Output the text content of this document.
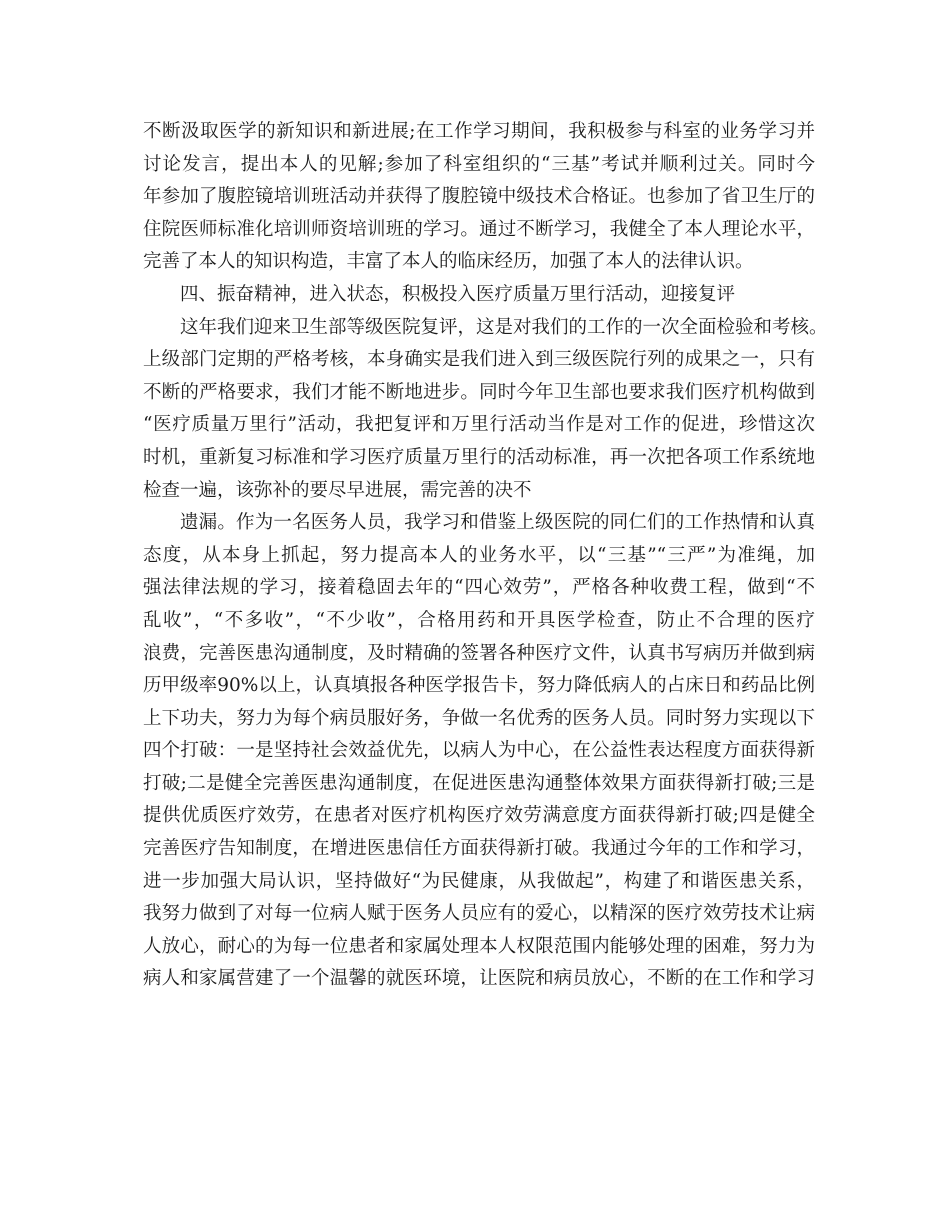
不断汲取医学的新知识和新进展;在工作学习期间，我积极参与科室的业务学习并
讨论发言，提出本人的见解;参加了科室组织的“三基”考试并顺利过关。同时今
年参加了腹腔镜培训班活动并获得了腹腔镜中级技术合格证。也参加了省卫生厅的
住院医师标准化培训师资培训班的学习。通过不断学习，我健全了本人理论水平，
完善了本人的知识构造，丰富了本人的临床经历，加强了本人的法律认识。
四、振奋精神，进入状态，积极投入医疗质量万里行活动，迎接复评
这年我们迎来卫生部等级医院复评，这是对我们的工作的一次全面检验和考核。
上级部门定期的严格考核，本身确实是我们进入到三级医院行列的成果之一，只有
不断的严格要求，我们才能不断地进步。同时今年卫生部也要求我们医疗机构做到
“医疗质量万里行”活动，我把复评和万里行活动当作是对工作的促进，珍惜这次
时机，重新复习标准和学习医疗质量万里行的活动标准，再一次把各项工作系统地
检查一遍，该弥补的要尽早进展，需完善的决不
遗漏。作为一名医务人员，我学习和借鉴上级医院的同仁们的工作热情和认真
态度，从本身上抓起，努力提高本人的业务水平，以“三基”“三严”为准绳，加
强法律法规的学习，接着稳固去年的“四心效劳”，严格各种收费工程，做到“不
乱收”，“不多收”，“不少收”，合格用药和开具医学检查，防止不合理的医疗
浪费，完善医患沟通制度，及时精确的签署各种医疗文件，认真书写病历并做到病
历甲级率90%以上，认真填报各种医学报告卡，努力降低病人的占床日和药品比例
上下功夫，努力为每个病员服好务，争做一名优秀的医务人员。同时努力实现以下
四个打破：一是坚持社会效益优先，以病人为中心，在公益性表达程度方面获得新
打破;二是健全完善医患沟通制度，在促进医患沟通整体效果方面获得新打破;三是
提供优质医疗效劳，在患者对医疗机构医疗效劳满意度方面获得新打破;四是健全
完善医疗告知制度，在增进医患信任方面获得新打破。我通过今年的工作和学习，
进一步加强大局认识，坚持做好“为民健康，从我做起”，构建了和谐医患关系，
我努力做到了对每一位病人赋于医务人员应有的爱心，以精深的医疗效劳技术让病
人放心，耐心的为每一位患者和家属处理本人权限范围内能够处理的困难，努力为
病人和家属营建了一个温馨的就医环境，让医院和病员放心，不断的在工作和学习
